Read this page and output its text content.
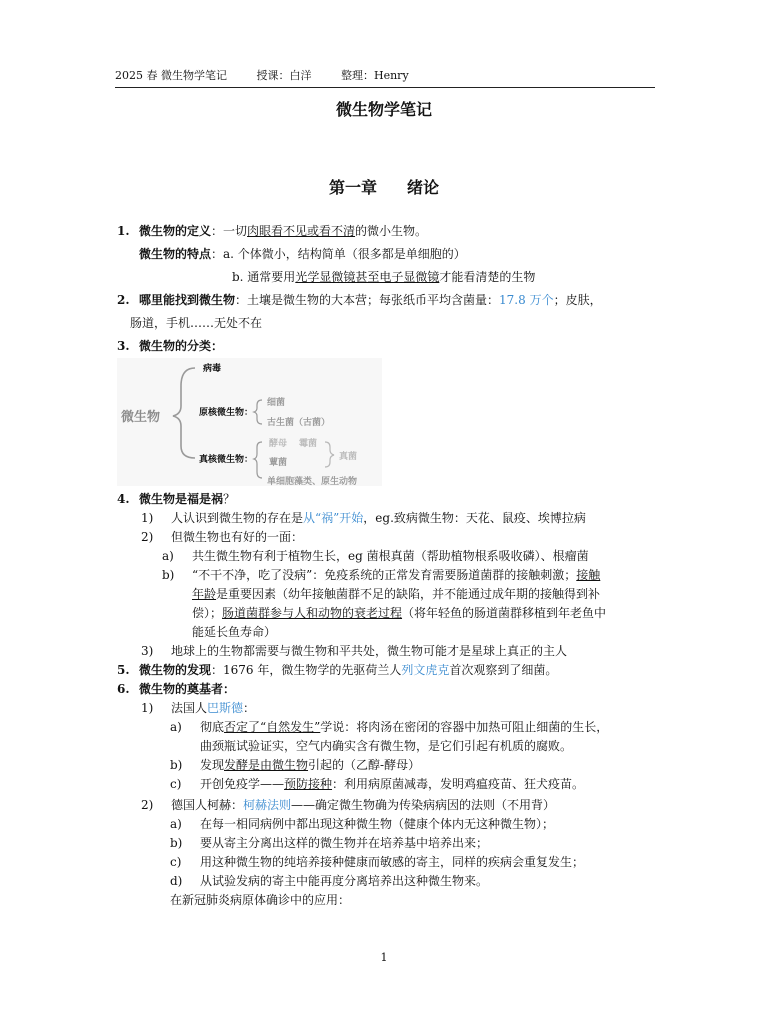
2025 春 微生物学笔记	授课：白洋	整理：Henry
微生物学笔记
第一章 绪论
1. 微生物的定义：一切肉眼看不见或看不清的微小生物。
微生物的特点：a. 个体微小，结构简单（很多都是单细胞的）
b. 通常要用光学显微镜甚至电子显微镜才能看清楚的生物
2. 哪里能找到微生物：土壤是微生物的大本营；每张纸币平均含菌量：17.8 万个；皮肤，
肠道，手机……无处不在
3. 微生物的分类：
微生物
病毒
原核微生物：
细菌
古生菌（古菌）
真核微生物：
酵母 霉菌
蕈菌
真菌
单细胞藻类、原生动物
4. 微生物是福是祸？
1) 人认识到微生物的存在是从“祸”开始，eg.致病微生物：天花、鼠疫、埃博拉病
2) 但微生物也有好的一面：
a) 共生微生物有利于植物生长，eg 菌根真菌（帮助植物根系吸收磷）、根瘤菌
b) “不干不净，吃了没病”：免疫系统的正常发育需要肠道菌群的接触刺激；接触
年龄是重要因素（幼年接触菌群不足的缺陷，并不能通过成年期的接触得到补
偿）；肠道菌群参与人和动物的衰老过程（将年轻鱼的肠道菌群移植到年老鱼中
能延长鱼寿命）
3) 地球上的生物都需要与微生物和平共处，微生物可能才是星球上真正的主人
5. 微生物的发现：1676 年，微生物学的先驱荷兰人列文虎克首次观察到了细菌。
6. 微生物的奠基者：
1) 法国人巴斯德：
a) 彻底否定了“自然发生”学说：将肉汤在密闭的容器中加热可阻止细菌的生长，
曲颈瓶试验证实，空气内确实含有微生物，是它们引起有机质的腐败。
b) 发现发酵是由微生物引起的（乙醇-酵母）
c) 开创免疫学——预防接种：利用病原菌减毒，发明鸡瘟疫苗、狂犬疫苗。
2) 德国人柯赫：柯赫法则——确定微生物确为传染病病因的法则（不用背）
a) 在每一相同病例中都出现这种微生物（健康个体内无这种微生物）；
b) 要从寄主分离出这样的微生物并在培养基中培养出来；
c) 用这种微生物的纯培养接种健康而敏感的寄主，同样的疾病会重复发生；
d) 从试验发病的寄主中能再度分离培养出这种微生物来。
在新冠肺炎病原体确诊中的应用：
1
